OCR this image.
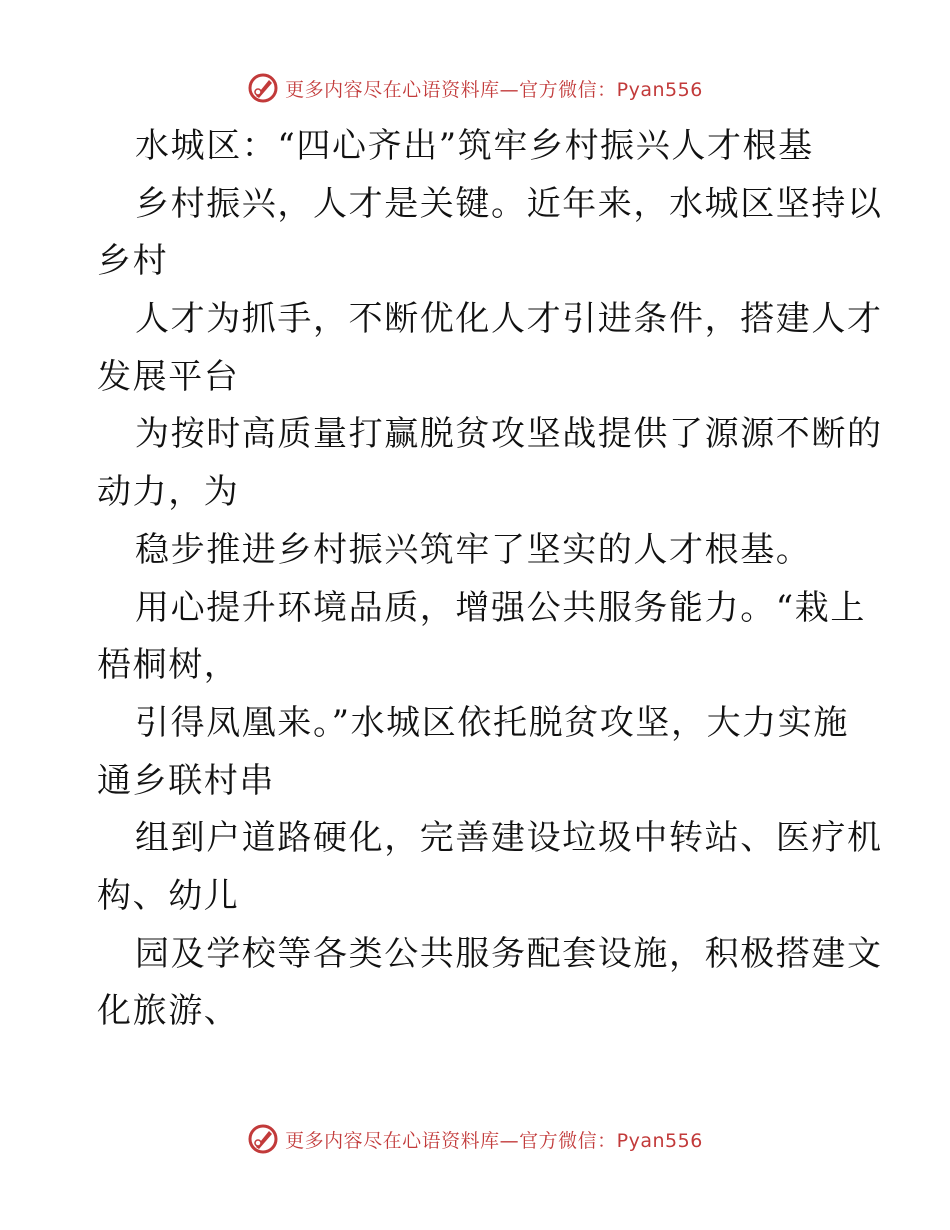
更多内容尽在心语资料库—官方微信：Pyan556
水城区：“四心齐出”筑牢乡村振兴人才根基
乡村振兴，人才是关键。近年来，水城区坚持以
乡村
人才为抓手，不断优化人才引进条件，搭建人才
发展平台
为按时高质量打赢脱贫攻坚战提供了源源不断的
动力，为
稳步推进乡村振兴筑牢了坚实的人才根基。
用心提升环境品质，增强公共服务能力。“栽上
梧桐树，
引得凤凰来。”水城区依托脱贫攻坚，大力实施
通乡联村串
组到户道路硬化，完善建设垃圾中转站、医疗机
构、幼儿
园及学校等各类公共服务配套设施，积极搭建文
化旅游、
更多内容尽在心语资料库—官方微信：Pyan556
